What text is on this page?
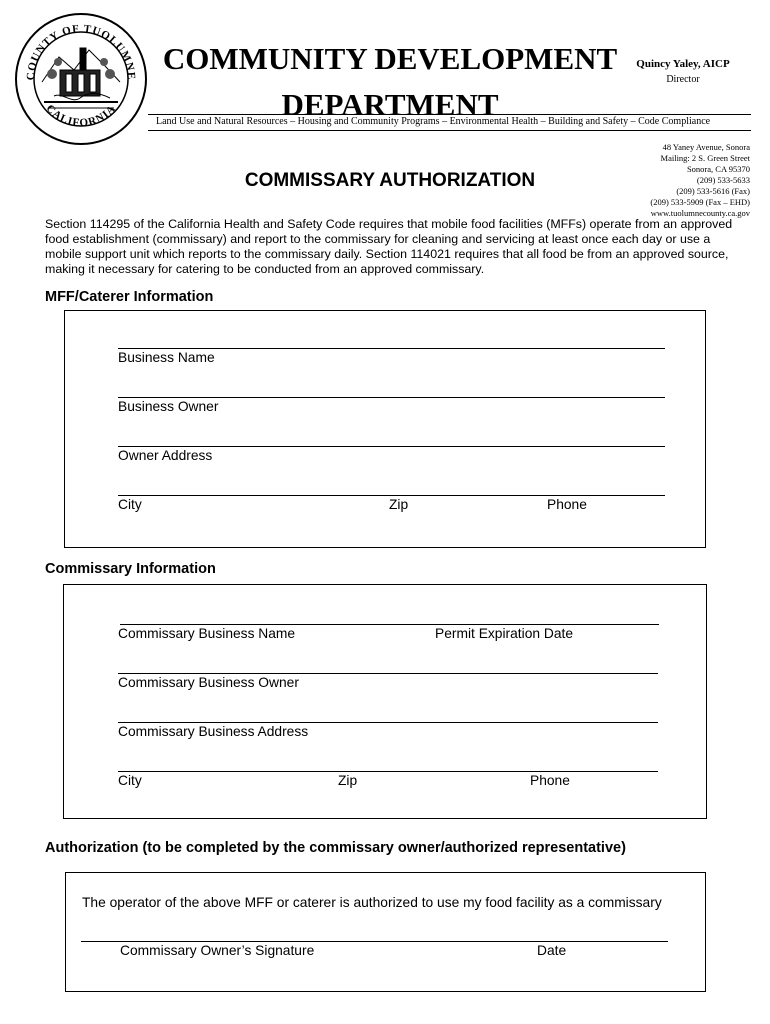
COUNTY OF TUOLUMNE
CALIFORNIA
COMMUNITY DEVELOPMENT
DEPARTMENT
Quincy Yaley, AICP
Director
Land Use and Natural Resources – Housing and Community Programs – Environmental Health – Building and Safety – Code Compliance
48 Yaney Avenue, Sonora
Mailing: 2 S. Green Street
Sonora, CA 95370
(209) 533-5633
(209) 533-5616 (Fax)
(209) 533-5909 (Fax – EHD)
www.tuolumnecounty.ca.gov
COMMISSARY AUTHORIZATION
Section 114295 of the California Health and Safety Code requires that mobile food facilities (MFFs) operate from an approved food establishment (commissary) and report to the commissary for cleaning and servicing at least once each day or use a mobile support unit which reports to the commissary daily. Section 114021 requires that all food be from an approved source, making it necessary for catering to be conducted from an approved commissary.
MFF/Caterer Information
Business Name
Business Owner
Owner Address
City	Zip	Phone
Commissary Information
Commissary Business Name	Permit Expiration Date
Commissary Business Owner
Commissary Business Address
City	Zip	Phone
Authorization (to be completed by the commissary owner/authorized representative)
The operator of the above MFF or caterer is authorized to use my food facility as a commissary
Commissary Owner’s Signature	Date
